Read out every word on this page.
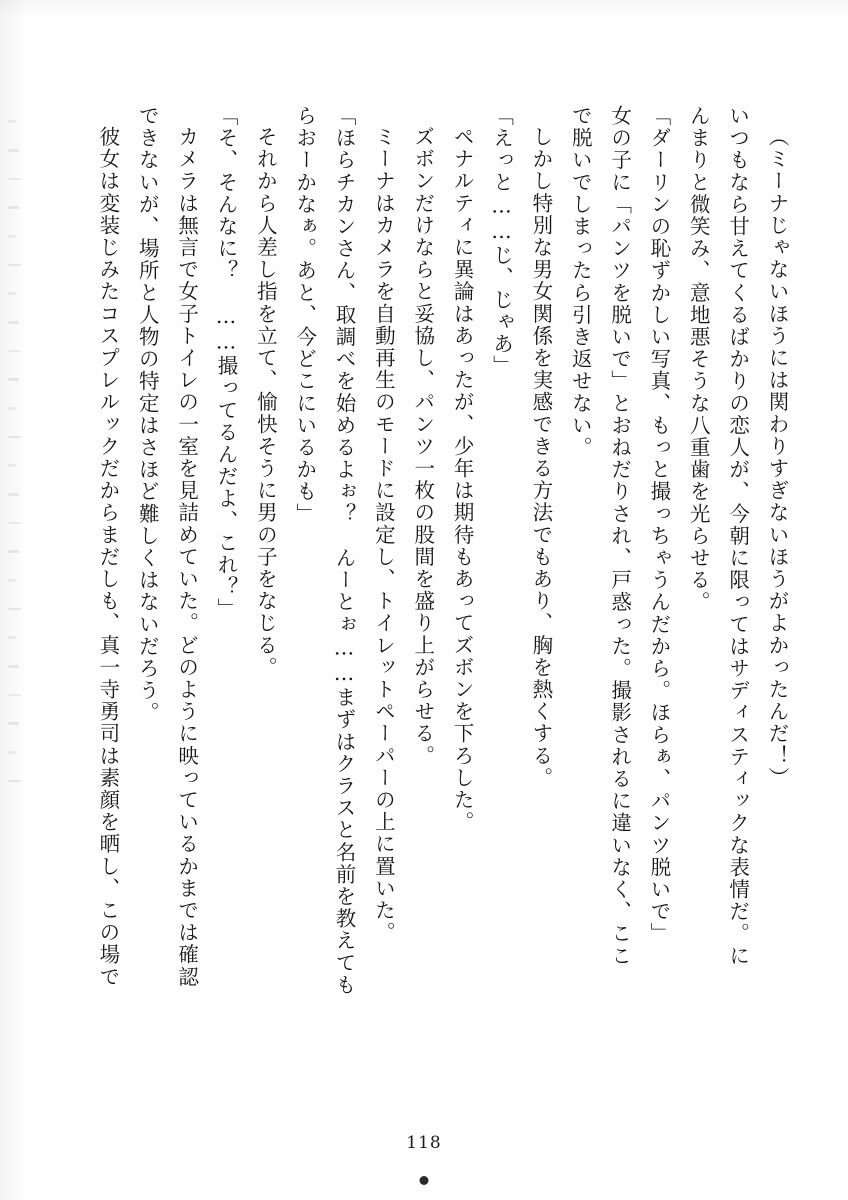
（ミーナじゃないほうには関わりすぎないほうがよかったんだ！）

いつもなら甘えてくるばかりの恋人が、今朝に限ってはサディスティックな表情だ。に

んまりと微笑み、意地悪そうな八重歯を光らせる。

「ダーリンの恥ずかしい写真、もっと撮っちゃうんだから。ほらぁ、パンツ脱いで」

女の子に「パンツを脱いで」とおねだりされ、戸惑った。撮影されるに違いなく、ここ

で脱いでしまったら引き返せない。

しかし特別な男女関係を実感できる方法でもあり、胸を熱くする。

「えっと……じ、じゃあ」

ペナルティに異論はあったが、少年は期待もあってズボンを下ろした。

ズボンだけならと妥協し、パンツ一枚の股間を盛り上がらせる。

ミーナはカメラを自動再生のモードに設定し、トイレットペーパーの上に置いた。

「ほらチカンさん、取調べを始めるよぉ？　んーとぉ……まずはクラスと名前を教えても

らおーかなぁ。あと、今どこにいるかも」

それから人差し指を立て、愉快そうに男の子をなじる。

「そ、そんなに？　……撮ってるんだよ、これ？」

カメラは無言で女子トイレの一室を見詰めていた。どのように映っているかまでは確認

できないが、場所と人物の特定はさほど難しくはないだろう。

彼女は変装じみたコスプレルックだからまだしも、真一寺勇司は素顔を晒し、この場で

118
